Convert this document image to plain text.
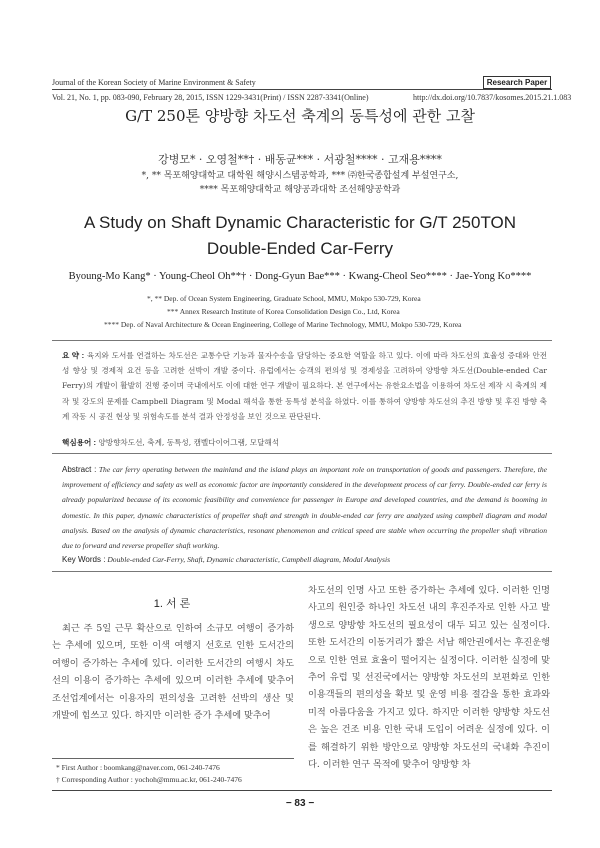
Journal of the Korean Society of Marine Environment & Safety	Research Paper
Vol. 21, No. 1, pp. 083-090, February 28, 2015, ISSN 1229-3431(Print) / ISSN 2287-3341(Online)	http://dx.doi.org/10.7837/kosomes.2015.21.1.083
G/T 250톤 양방향 차도선 축계의 동특성에 관한 고찰
강병모* · 오영철**† · 배동균*** · 서광철**** · 고재용****
*, ** 목포해양대학교 대학원 해양시스템공학과, *** ㈜한국종합설계 부설연구소,
**** 목포해양대학교 해양공과대학 조선해양공학과
A Study on Shaft Dynamic Characteristic for G/T 250TON Double-Ended Car-Ferry
Byoung-Mo Kang* · Young-Cheol Oh**† · Dong-Gyun Bae*** · Kwang-Cheol Seo**** · Jae-Yong Ko****
*, ** Dep. of Ocean System Engineering, Graduate School, MMU, Mokpo 530-729, Korea
*** Annex Research Institute of Korea Consolidation Design Co., Ltd, Korea
**** Dep. of Naval Architecture & Ocean Engineering, College of Marine Technology, MMU, Mokpo 530-729, Korea
요 약 : 육지와 도서를 연결하는 차도선은 교통수단 기능과 물자수송을 담당하는 중요한 역할을 하고 있다. 이에 따라 차도선의 효율성 증대와 안전성 향상 및 경제적 요건 등을 고려한 선박이 개발 중이다. 유럽에서는 승객의 편의성 및 경제성을 고려하여 양방향 차도선(Double-ended Car Ferry)의 개발이 활발히 진행 중이며 국내에서도 이에 대한 연구 개발이 필요하다. 본 연구에서는 유한요소법을 이용하여 차도선 제작 시 축계의 제작 및 강도의 문제를 Campbell Diagram 및 Modal 해석을 통한 동특성 분석을 하였다. 이를 통하여 양방향 차도선의 추진 방향 및 후진 방향 축계 작동 시 공진 현상 및 위험속도를 분석 결과 안정성을 보인 것으로 판단된다.
핵심용어 : 양방향차도선, 축계, 동특성, 캠벨다이어그램, 모달해석
Abstract : The car ferry operating between the mainland and the island plays an important role on transportation of goods and passengers. Therefore, the improvement of efficiency and safety as well as economic factor are importantly considered in the development process of car ferry. Double-ended car ferry is already popularized because of its economic feasibility and convenience for passenger in Europe and developed countries, and the demand is booming in domestic. In this paper, dynamic characteristics of propeller shaft and strength in double-ended car ferry are analyzed using campbell diagram and modal analysis. Based on the analysis of dynamic characteristics, resonant phenomenon and critical speed are stable when occurring the propeller shaft vibration due to forward and reverse propeller shaft working.
Key Words : Double-ended Car-Ferry, Shaft, Dynamic characteristic, Campbell diagram, Modal Analysis
1. 서 론

최근 주 5일 근무 확산으로 인하여 소규모 여행이 증가하는 추세에 있으며, 또한 이색 여행지 선호로 인한 도서간의 여행이 증가하는 추세에 있다. 이러한 도서간의 여행시 차도선의 이용이 증가하는 추세에 있으며 이러한 추세에 맞추어 조선업계에서는 이용자의 편의성을 고려한 선박의 생산 및 개발에 힘쓰고 있다. 하지만 이러한 증가 추세에 맞추어

차도선의 인명 사고 또한 증가하는 추세에 있다. 이러한 인명 사고의 원인중 하나인 차도선 내의 후진주자로 인한 사고 발생으로 양방향 차도선의 필요성이 대두 되고 있는 실정이다. 또한 도서간의 이동거리가 짧은 서남 해안권에서는 후진운행으로 인한 연료 효율이 떨어지는 실정이다. 이러한 실정에 맞추어 유럽 및 선진국에서는 양방향 차도선의 보편화로 인한 이용객들의 편의성을 확보 및 운영 비용 절감을 통한 효과와 미적 아름다움을 가지고 있다. 하지만 이러한 양방향 차도선은 높은 건조 비용 인한 국내 도입이 어려운 실정에 있다. 이를 해결하기 위한 방안으로 양방향 차도선의 국내화 추진이다. 이러한 연구 목적에 맞추어 양방향 차

* First Author : boomkang@naver.com, 061-240-7476
† Corresponding Author : yochoh@mmu.ac.kr, 061-240-7476
− 83 −
